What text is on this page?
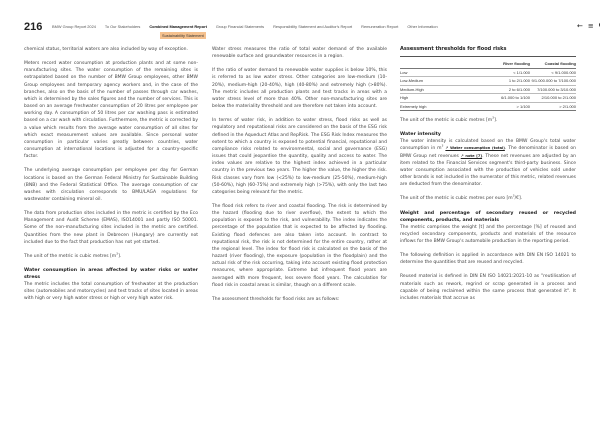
216 BMW Group Report 2024 To Our Stakeholders Combined Management Report Group Financial Statements Responsibility Statement and Auditor's Report Remuneration Report Other Information
Sustainability Statement
← ≡

chemical status, territorial waters are also included by way of exception.

Meters record water consumption at production plants and at some non-manufacturing sites. The water consumption of the remaining sites is extrapolated based on the number of BMW Group employees, other BMW Group employees and temporary agency workers and, in the case of the branches, also on the basis of the number of passes through car washes, which is determined by the sales figures and the number of services. This is based on an average freshwater consumption of 20 litres per employee per working day. A consumption of 50 litres per car washing pass is estimated based on a car wash with circulation. Furthermore, the metric is corrected by a value which results from the average water consumption of all sites for which exact measurement values are available. Since personal water consumption in particular varies greatly between countries, water consumption at international locations is adjusted for a country-specific factor.

The underlying average consumption per employee per day for German locations is based on the German Federal Ministry for Sustainable Building (BNB) and the Federal Statistical Office. The average consumption of car washes with circulation corresponds to BMU/LAGA regulations for wastewater containing mineral oil.

The data from production sites included in the metric is certified by the Eco Management and Audit Scheme (EMAS), ISO14001 and partly ISO 50001. Some of the non-manufacturing sites included in the metric are certified. Quantities from the new plant in Debrecen (Hungary) are currently not included due to the fact that production has not yet started.

The unit of the metric is cubic metres $[m^3]$.

Water consumption in areas affected by water risks or water stress

The metric includes the total consumption of freshwater at the production sites (automobiles and motorcycles) and test tracks of sites located in areas with high or very high water stress or high or very high water risk.

Water stress measures the ratio of total water demand of the available renewable surface and groundwater resources in a region.

If the ratio of water demand to renewable water supplies is below 10%, this is referred to as low water stress. Other categories are low-medium (10-20%), medium-high (20-40%), high (40-80%) and extremely high (>80%). The metric includes all production plants and test tracks in areas with a water stress level of more than 40%. Other non-manufacturing sites are below the materiality threshold and are therefore not taken into account.

In terms of water risk, in addition to water stress, flood risks as well as regulatory and reputational risks are considered on the basis of the ESG risk defined in the Aqueduct Atlas and RepRisk. The ESG Risk Index measures the extent to which a country is exposed to potential financial, reputational and compliance risks related to environmental, social and governance (ESG) issues that could jeopardise the quantity, quality and access to water. The index values are relative to the highest index achieved in a particular country in the previous two years. The higher the value, the higher the risk. Risk classes vary from low (<25%) to low-medium (25-50%), medium-high (50-60%), high (60-75%) and extremely high (>75%), with only the last two categories being relevant for the metric.

The flood risk refers to river and coastal flooding. The risk is determined by the hazard (flooding due to river overflow), the extent to which the population is exposed to the risk, and vulnerability. The index indicates the percentage of the population that is expected to be affected by flooding. Existing flood defences are also taken into account. In contrast to reputational risk, the risk is not determined for the entire country, rather at the regional level. The index for flood risk is calculated on the basis of the hazard (river flooding), the exposure (population in the floodplain) and the actual risk of the risk occurring, taking into account existing flood protection measures, where appropriate. Extreme but infrequent flood years are averaged with more frequent, less severe flood years. The calculation for flood risk in coastal areas is similar, though on a different scale.

The assessment thresholds for flood risks are as follows:

Assessment thresholds for flood risks
	River flooding	Coastal flooding
Low	< 1/1.000	< 9/1.000.000
Low-Medium	1 to 2/1.000	9/1.000.000 to 7/100.000
Medium-High	2 to 6/1.000	7/100.000 to 3/10.000
High	6/1.000 to 1/100	2/10.000 to 2/1.000
Extremely high	> 1/100	> 2/1.000

The unit of the metric is cubic metres $[m^3]$.

Water intensity

The water intensity is calculated based on the BMW Group's total water consumption in $m^3$ ↗ Water consumption (total). The denominator is based on BMW Group net revenues ↗ note [7]. These net revenues are adjusted by an item related to the Financial Services segment's third-party business. Since water consumption associated with the production of vehicles sold under other brands is not included in the numerator of this metric, related revenues are deducted from the denominator.

The unit of the metric is cubic metres per euro $[m^3/€]$.

Weight and percentage of secondary reused or recycled components, products, and materials

The metric comprises the weight [t] and the percentage [%] of reused and recycled secondary components, products and materials of the resource inflows for the BMW Group's automobile production in the reporting period.

The following definition is applied in accordance with DIN EN ISO 14021 to determine the quantities that are reused and recycled.

Reused material is defined in DIN EN ISO 14021:2021-10 as "reutilisation of materials such as rework, regrind or scrap generated in a process and capable of being reclaimed within the same process that generated it". It includes materials that accrue as
